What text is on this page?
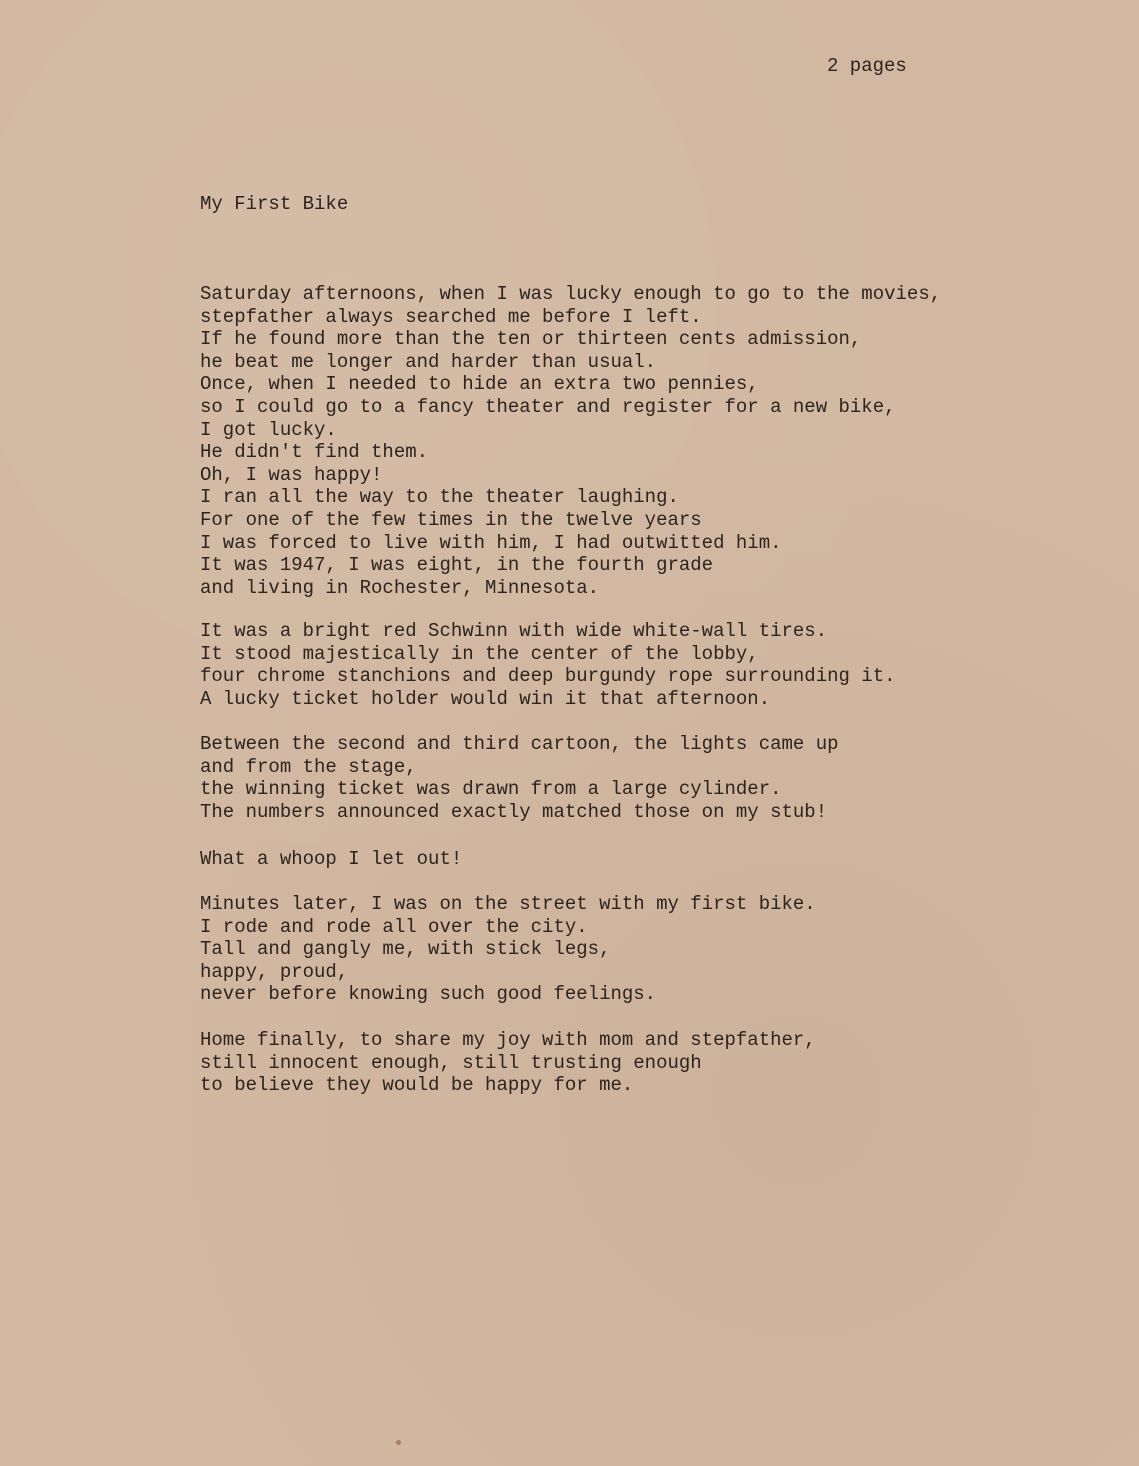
2 pages
My First Bike
Saturday afternoons, when I was lucky enough to go to the movies,
stepfather always searched me before I left.
If he found more than the ten or thirteen cents admission,
he beat me longer and harder than usual.
Once, when I needed to hide an extra two pennies,
so I could go to a fancy theater and register for a new bike,
I got lucky.
He didn't find them.
Oh, I was happy!
I ran all the way to the theater laughing.
For one of the few times in the twelve years
I was forced to live with him, I had outwitted him.
It was 1947, I was eight, in the fourth grade
and living in Rochester, Minnesota.
It was a bright red Schwinn with wide white-wall tires.
It stood majestically in the center of the lobby,
four chrome stanchions and deep burgundy rope surrounding it.
A lucky ticket holder would win it that afternoon.
Between the second and third cartoon, the lights came up
and from the stage,
the winning ticket was drawn from a large cylinder.
The numbers announced exactly matched those on my stub!
What a whoop I let out!
Minutes later, I was on the street with my first bike.
I rode and rode all over the city.
Tall and gangly me, with stick legs,
happy, proud,
never before knowing such good feelings.
Home finally, to share my joy with mom and stepfather,
still innocent enough, still trusting enough
to believe they would be happy for me.
